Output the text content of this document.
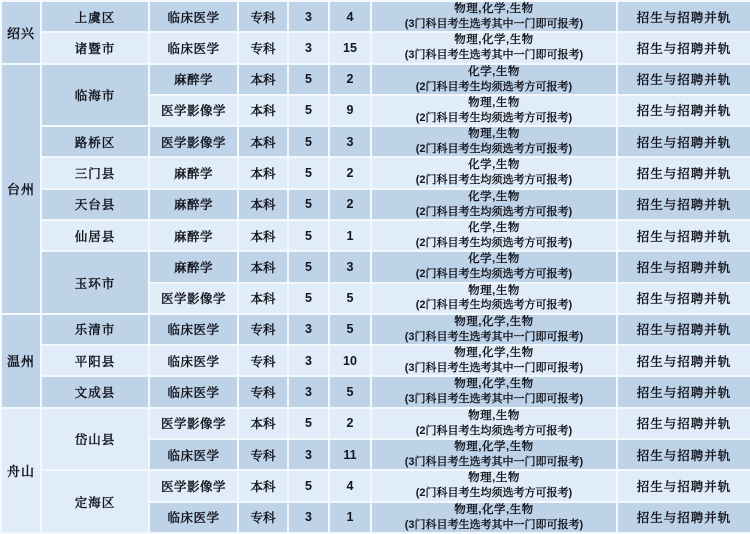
绍兴	上虞区	临床医学	专科	3	4	物理,化学,生物
(3门科目考生选考其中一门即可报考)	招生与招聘并轨
	诸暨市	临床医学	专科	3	15	物理,化学,生物
(3门科目考生选考其中一门即可报考)	招生与招聘并轨
台州	临海市	麻醉学	本科	5	2	化学,生物
(2门科目考生均须选考方可报考)	招生与招聘并轨
		医学影像学	本科	5	9	物理,生物
(2门科目考生均须选考方可报考)	招生与招聘并轨
	路桥区	医学影像学	本科	5	3	物理,生物
(2门科目考生均须选考方可报考)	招生与招聘并轨
	三门县	麻醉学	本科	5	2	化学,生物
(2门科目考生均须选考方可报考)	招生与招聘并轨
	天台县	麻醉学	本科	5	2	化学,生物
(2门科目考生均须选考方可报考)	招生与招聘并轨
	仙居县	麻醉学	本科	5	1	化学,生物
(2门科目考生均须选考方可报考)	招生与招聘并轨
	玉环市	麻醉学	本科	5	3	化学,生物
(2门科目考生均须选考方可报考)	招生与招聘并轨
		医学影像学	本科	5	5	物理,生物
(2门科目考生均须选考方可报考)	招生与招聘并轨
温州	乐清市	临床医学	专科	3	5	物理,化学,生物
(3门科目考生选考其中一门即可报考)	招生与招聘并轨
	平阳县	临床医学	专科	3	10	物理,化学,生物
(3门科目考生选考其中一门即可报考)	招生与招聘并轨
	文成县	临床医学	专科	3	5	物理,化学,生物
(3门科目考生选考其中一门即可报考)	招生与招聘并轨
舟山	岱山县	医学影像学	本科	5	2	物理,生物
(2门科目考生均须选考方可报考)	招生与招聘并轨
		临床医学	专科	3	11	物理,化学,生物
(3门科目考生选考其中一门即可报考)	招生与招聘并轨
	定海区	医学影像学	本科	5	4	物理,生物
(2门科目考生均须选考方可报考)	招生与招聘并轨
		临床医学	专科	3	1	物理,化学,生物
(3门科目考生选考其中一门即可报考)	招生与招聘并轨
